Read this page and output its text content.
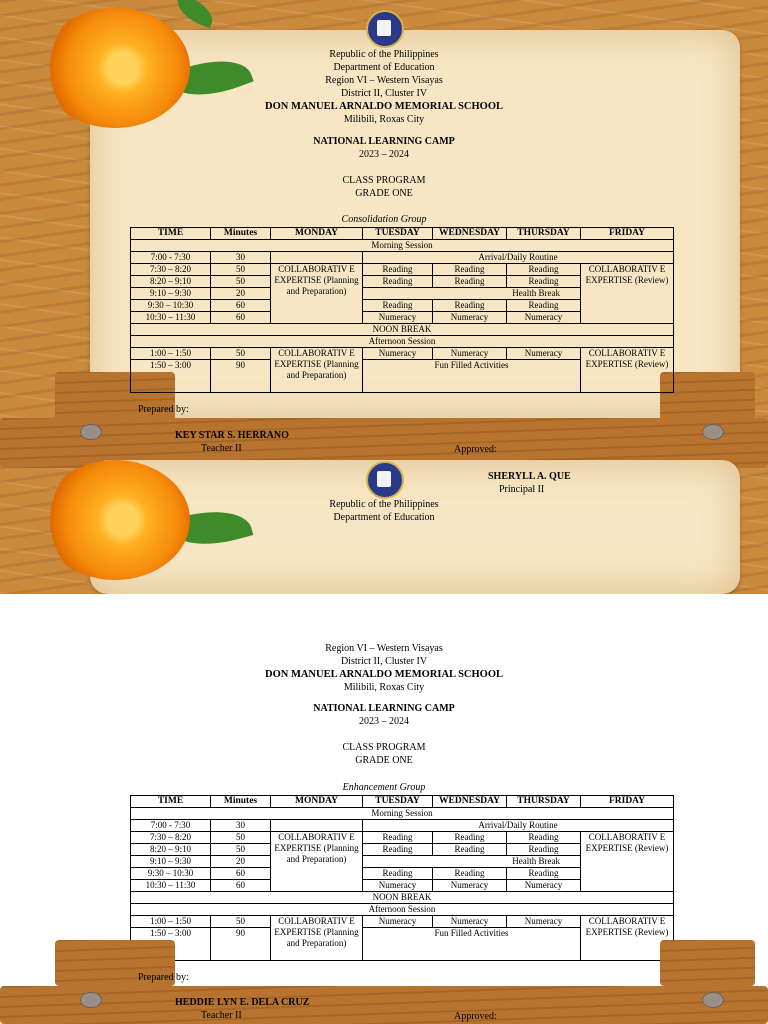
Republic of the Philippines
Department of Education
Region VI – Western Visayas
District II, Cluster IV
DON MANUEL ARNALDO MEMORIAL SCHOOL
Milibili, Roxas City
NATIONAL LEARNING CAMP
2023 – 2024
CLASS PROGRAM
GRADE ONE
Consolidation Group
TIME	Minutes	MONDAY	TUESDAY	WEDNESDAY	THURSDAY	FRIDAY
Morning Session						
7:00 - 7:30	30		Arrival/Daily Routine			
7:30 – 8:20	50	COLLABORATIV E EXPERTISE (Planning and Preparation)	Reading	Reading	Reading	COLLABORATIV E EXPERTISE (Review)
8:20 – 9:10	50		Reading	Reading	Reading	
9:10 – 9:30	20		Health Break			
9:30 – 10:30	60		Reading	Reading	Reading	
10:30 – 11:30	60		Numeracy	Numeracy	Numeracy	
NOON BREAK						
Afternoon Session						
1:00 – 1:50	50	COLLABORATIV E EXPERTISE (Planning and Preparation)	Numeracy	Numeracy	Numeracy	COLLABORATIV E EXPERTISE (Review)
1:50 – 3:00	90		Fun Filled Activities			
Prepared by:
KEY STAR S. HERRANO
Teacher II	Approved:
SHERYLL A. QUE
Principal II
Republic of the Philippines
Department of Education
Region VI – Western Visayas
District II, Cluster IV
DON MANUEL ARNALDO MEMORIAL SCHOOL
Milibili, Roxas City
NATIONAL LEARNING CAMP
2023 – 2024
CLASS PROGRAM
GRADE ONE
Enhancement Group
TIME	Minutes	MONDAY	TUESDAY	WEDNESDAY	THURSDAY	FRIDAY
Morning Session						
7:00 - 7:30	30		Arrival/Daily Routine			
7:30 – 8:20	50	COLLABORATIV E EXPERTISE (Planning and Preparation)	Reading	Reading	Reading	COLLABORATIV E EXPERTISE (Review)
8:20 – 9:10	50		Reading	Reading	Reading	
9:10 – 9:30	20		Health Break			
9:30 – 10:30	60		Reading	Reading	Reading	
10:30 – 11:30	60		Numeracy	Numeracy	Numeracy	
NOON BREAK						
Afternoon Session						
1:00 – 1:50	50	COLLABORATIV E EXPERTISE (Planning and Preparation)	Numeracy	Numeracy	Numeracy	COLLABORATIV E EXPERTISE (Review)
1:50 – 3:00	90		Fun Filled Activities			
Prepared by:
HEDDIE LYN E. DELA CRUZ
Teacher II	Approved:
